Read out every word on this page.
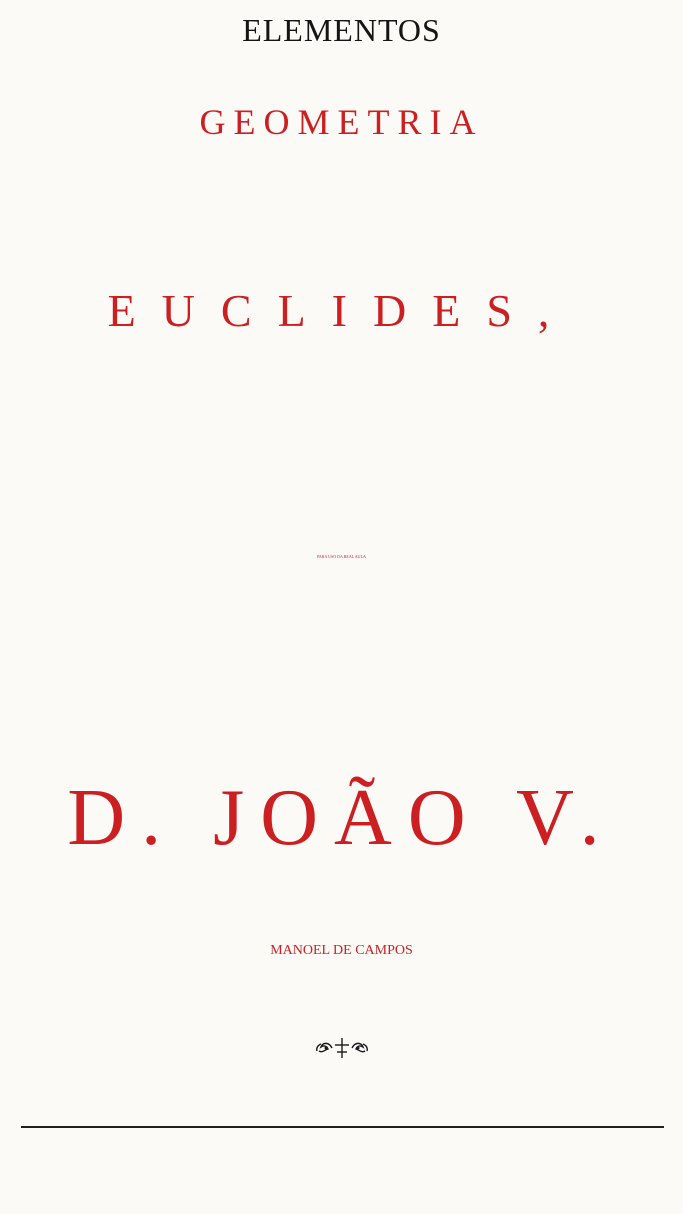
ELEMENTOS
GEOMETRIA
EUCLIDES,
PARA USO DA REAL AULA
D. JOÃO V.
MANOEL DE CAMPOS
